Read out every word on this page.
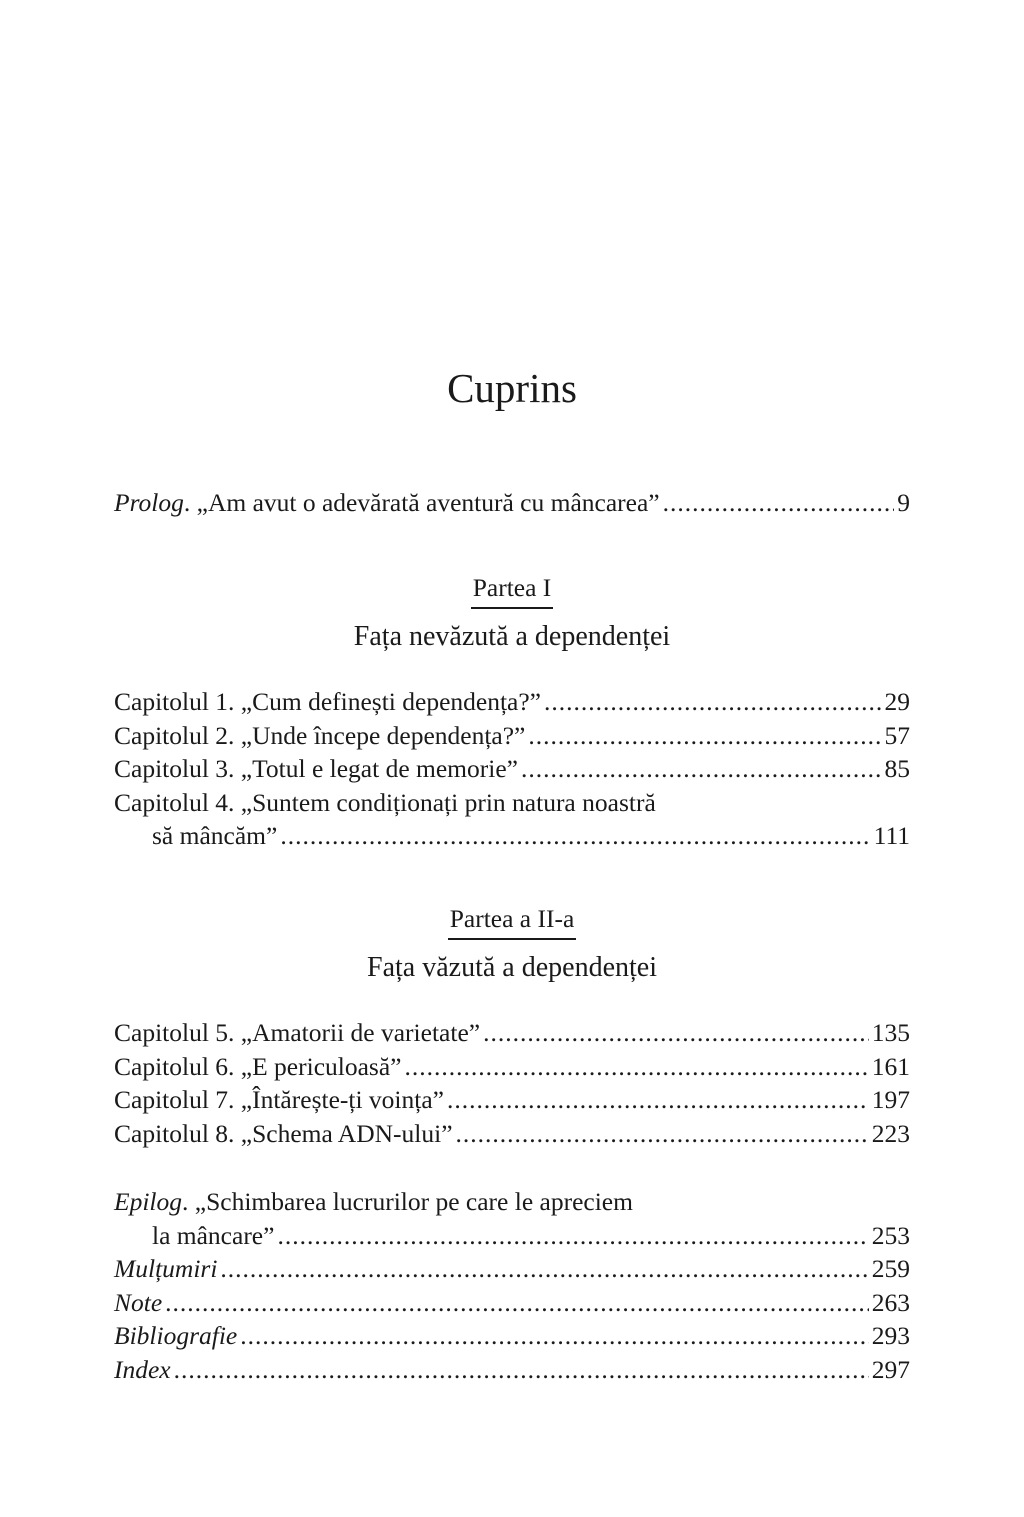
Cuprins
Prolog. „Am avut o adevărată aventură cu mâncarea” .....	9
Partea I
Fața nevăzută a dependenței
Capitolul 1. „Cum definești dependența?” .....	29
Capitolul 2. „Unde începe dependența?” .....	57
Capitolul 3. „Totul e legat de memorie” .....	85
Capitolul 4. „Suntem condiționați prin natura noastră
să mâncăm” .....	111
Partea a II-a
Fața văzută a dependenței
Capitolul 5. „Amatorii de varietate” .....	135
Capitolul 6. „E periculoasă” .....	161
Capitolul 7. „Întărește-ți voința” .....	197
Capitolul 8. „Schema ADN-ului” .....	223
Epilog. „Schimbarea lucrurilor pe care le apreciem
la mâncare” .....	253
Mulțumiri .....	259
Note .....	263
Bibliografie .....	293
Index .....	297
